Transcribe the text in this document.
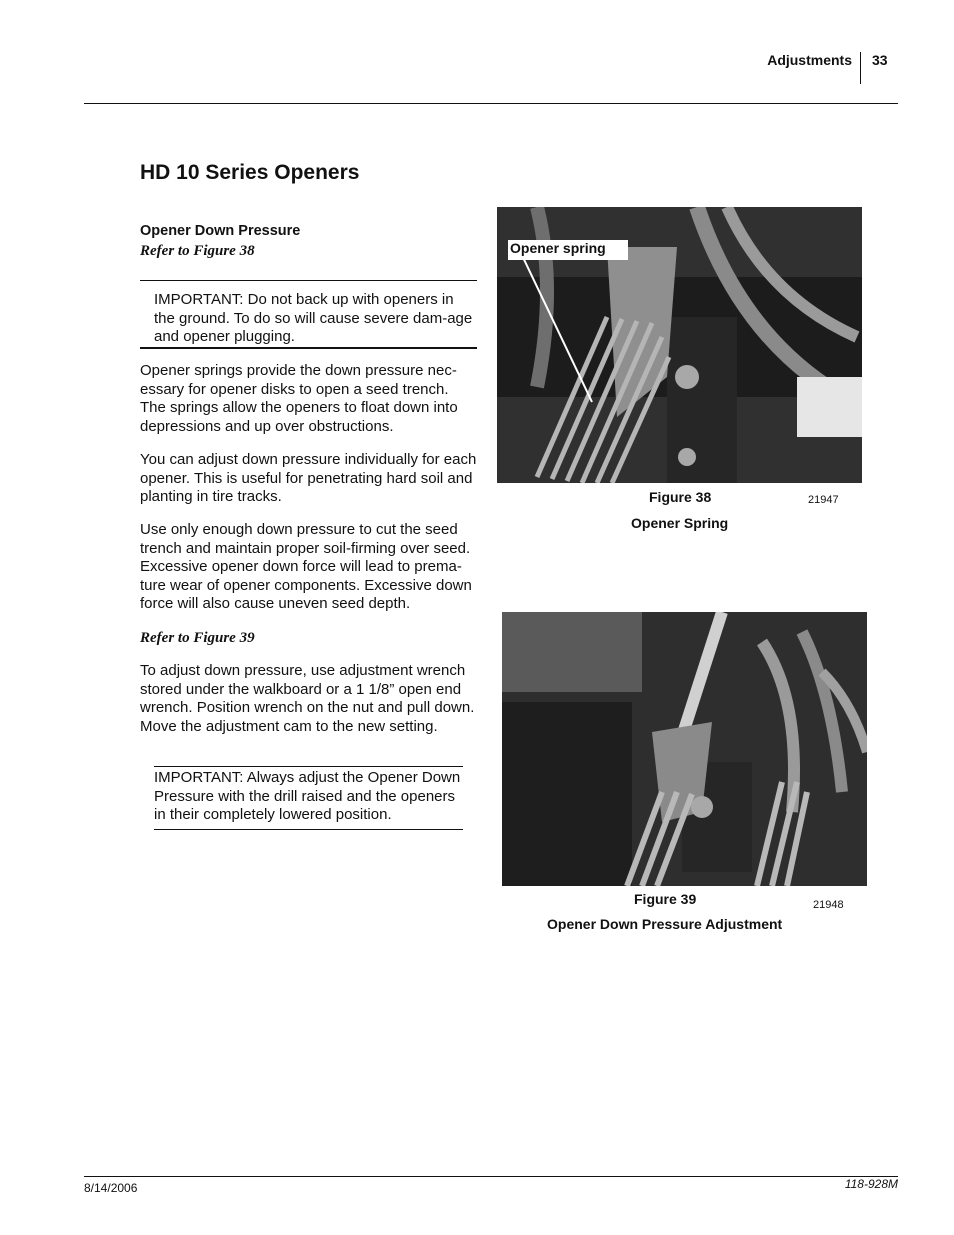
Adjustments 33
HD 10 Series Openers
Opener Down Pressure
Refer to Figure 38

IMPORTANT: Do not back up with openers in the ground. To do so will cause severe dam-age and opener plugging.

Opener springs provide the down pressure nec-essary for opener disks to open a seed trench. The springs allow the openers to float down into depressions and up over obstructions.

You can adjust down pressure individually for each opener. This is useful for penetrating hard soil and planting in tire tracks.

Use only enough down pressure to cut the seed trench and maintain proper soil-firming over seed. Excessive opener down force will lead to prema-ture wear of opener components. Excessive down force will also cause uneven seed depth.

Refer to Figure 39

To adjust down pressure, use adjustment wrench stored under the walkboard or a 1 1/8” open end wrench. Position wrench on the nut and pull down. Move the adjustment cam to the new setting.

IMPORTANT: Always adjust the Opener Down Pressure with the drill raised and the openers in their completely lowered position.

Opener spring
Figure 38	21947
Opener Spring
Figure 39	21948
Opener Down Pressure Adjustment
8/14/2006	118-928M
